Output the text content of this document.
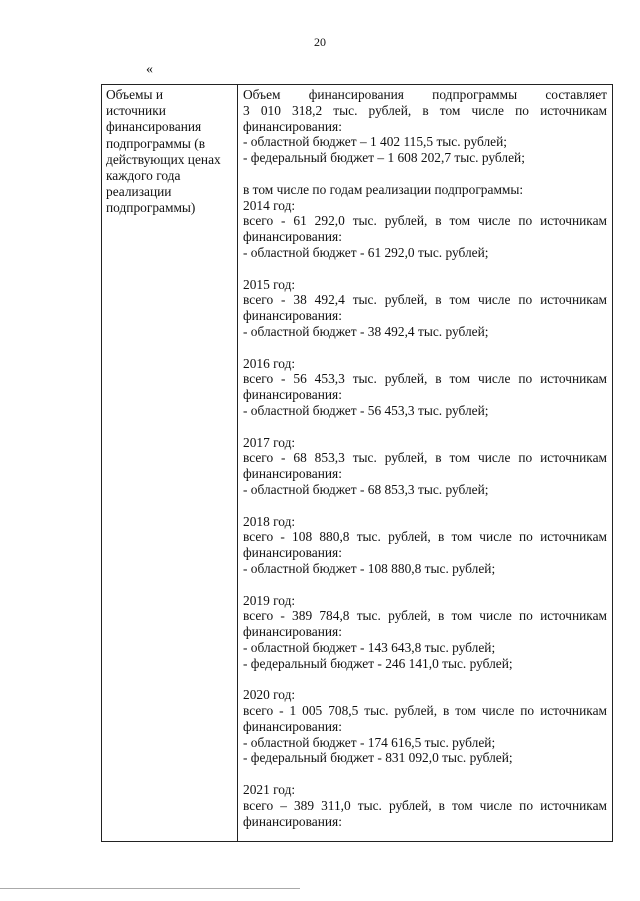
20
«
Объемы и
источники
финансирования
подпрограммы (в
действующих ценах
каждого года
реализации
подпрограммы)

Объем финансирования подпрограммы составляет

3 010 318,2 тыс. рублей, в том числе по источникам

финансирования:

- областной бюджет – 1 402 115,5 тыс. рублей;

- федеральный бюджет – 1 608 202,7 тыс. рублей;

в том числе по годам реализации подпрограммы:

2014 год:

всего - 61 292,0 тыс. рублей, в том числе по источникам

финансирования:

- областной бюджет - 61 292,0 тыс. рублей;

2015 год:

всего - 38 492,4 тыс. рублей, в том числе по источникам

финансирования:

- областной бюджет - 38 492,4 тыс. рублей;

2016 год:

всего - 56 453,3 тыс. рублей, в том числе по источникам

финансирования:

- областной бюджет - 56 453,3 тыс. рублей;

2017 год:

всего - 68 853,3 тыс. рублей, в том числе по источникам

финансирования:

- областной бюджет - 68 853,3 тыс. рублей;

2018 год:

всего - 108 880,8 тыс. рублей, в том числе по источникам

финансирования:

- областной бюджет - 108 880,8 тыс. рублей;

2019 год:

всего - 389 784,8 тыс. рублей, в том числе по источникам

финансирования:

- областной бюджет - 143 643,8 тыс. рублей;

- федеральный бюджет - 246 141,0 тыс. рублей;

2020 год:

всего - 1 005 708,5 тыс. рублей, в том числе по источникам

финансирования:

- областной бюджет - 174 616,5 тыс. рублей;

- федеральный бюджет - 831 092,0 тыс. рублей;

2021 год:

всего – 389 311,0 тыс. рублей, в том числе по источникам

финансирования:
